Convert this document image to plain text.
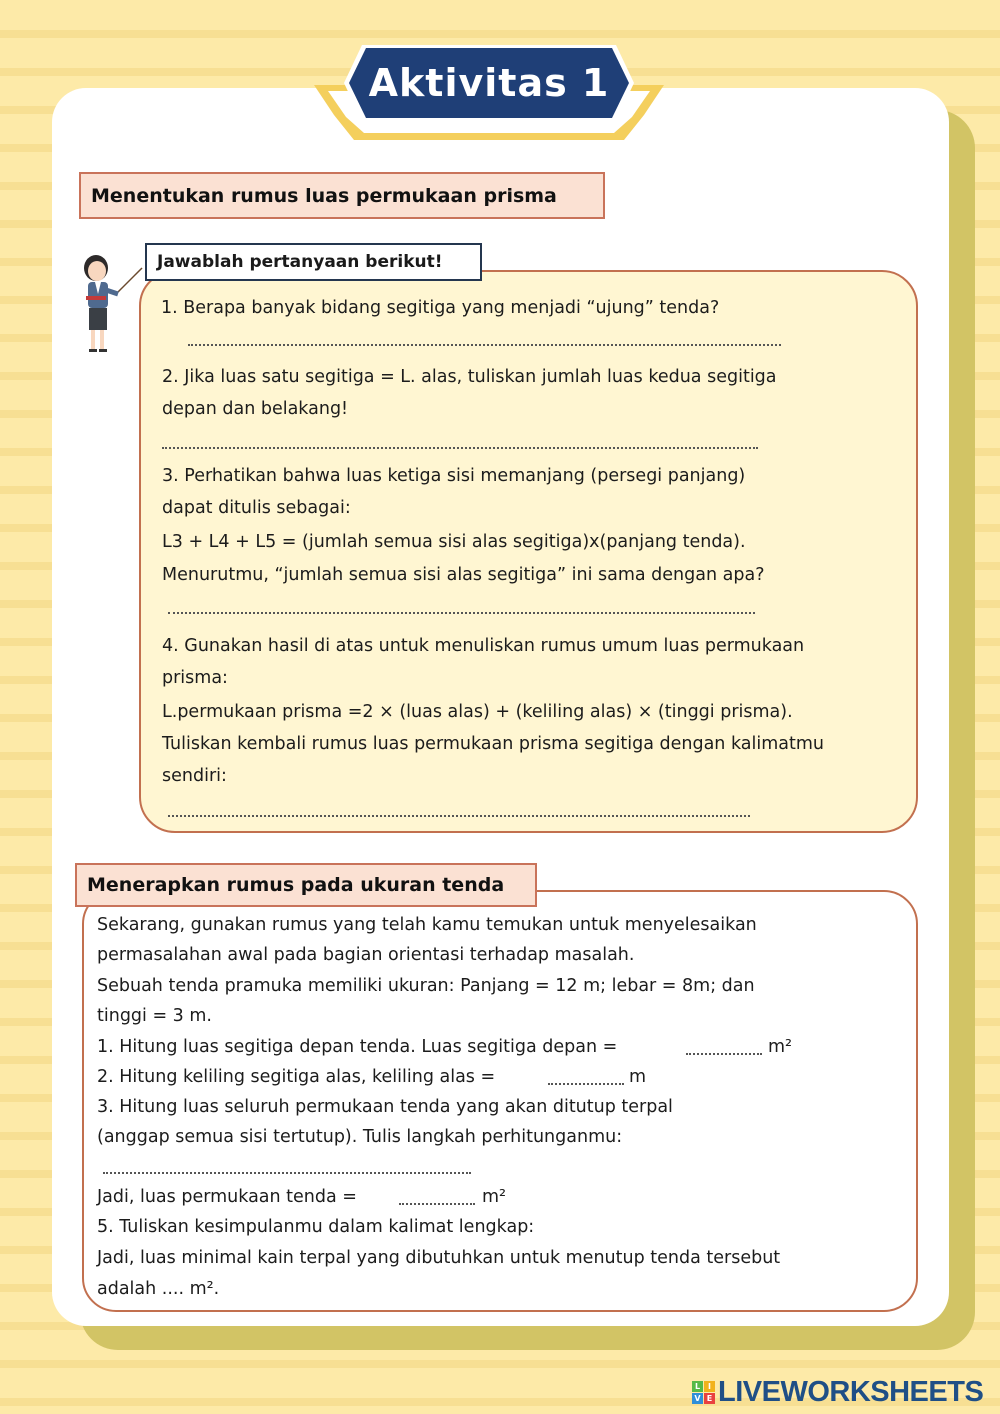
Aktivitas 1
Menentukan rumus luas permukaan prisma
Jawablah pertanyaan berikut!
1. Berapa banyak bidang segitiga yang menjadi “ujung” tenda?
2. Jika luas satu segitiga = L. alas, tuliskan jumlah luas kedua segitiga
depan dan belakang!
3. Perhatikan bahwa luas ketiga sisi memanjang (persegi panjang)
dapat ditulis sebagai:
L3 + L4 + L5 = (jumlah semua sisi alas segitiga)x(panjang tenda).
Menurutmu, “jumlah semua sisi alas segitiga” ini sama dengan apa?
4. Gunakan hasil di atas untuk menuliskan rumus umum luas permukaan
prisma:
L.permukaan prisma =2 × (luas alas) + (keliling alas) × (tinggi prisma).
Tuliskan kembali rumus luas permukaan prisma segitiga dengan kalimatmu
sendiri:
Menerapkan rumus pada ukuran tenda
Sekarang, gunakan rumus yang telah kamu temukan untuk menyelesaikan
permasalahan awal pada bagian orientasi terhadap masalah.
Sebuah tenda pramuka memiliki ukuran: Panjang = 12 m; lebar = 8m; dan
tinggi = 3 m.
1. Hitung luas segitiga depan tenda. Luas segitiga depan =	m²
2. Hitung keliling segitiga alas, keliling alas =	m
3. Hitung luas seluruh permukaan tenda yang akan ditutup terpal
(anggap semua sisi tertutup). Tulis langkah perhitunganmu:
Jadi, luas permukaan tenda =	m²
5. Tuliskan kesimpulanmu dalam kalimat lengkap:
Jadi, luas minimal kain terpal yang dibutuhkan untuk menutup tenda tersebut
adalah .... m².
L I
V E LIVEWORKSHEETS
